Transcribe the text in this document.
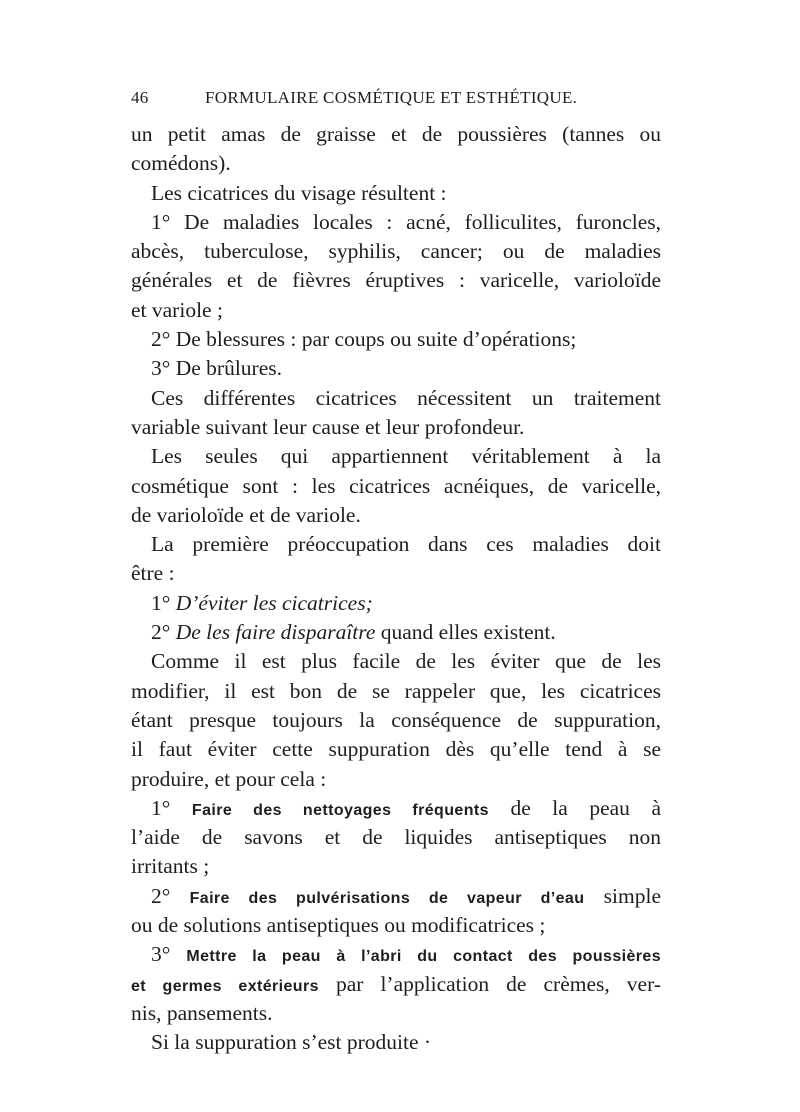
46	FORMULAIRE COSMÉTIQUE ET ESTHÉTIQUE.
un petit amas de graisse et de poussières (tannes ou
comédons).
Les cicatrices du visage résultent :
1° De maladies locales : acné, folliculites, furoncles,
abcès, tuberculose, syphilis, cancer; ou de maladies
générales et de fièvres éruptives : varicelle, varioloïde
et variole ;
2° De blessures : par coups ou suite d’opérations;
3° De brûlures.
Ces différentes cicatrices nécessitent un traitement
variable suivant leur cause et leur profondeur.
Les seules qui appartiennent véritablement à la
cosmétique sont : les cicatrices acnéiques, de varicelle,
de varioloïde et de variole.
La première préoccupation dans ces maladies doit
être :
1° D’éviter les cicatrices;
2° De les faire disparaître quand elles existent.
Comme il est plus facile de les éviter que de les
modifier, il est bon de se rappeler que, les cicatrices
étant presque toujours la conséquence de suppuration,
il faut éviter cette suppuration dès qu’elle tend à se
produire, et pour cela :
1° Faire des nettoyages fréquents de la peau à
l’aide de savons et de liquides antiseptiques non
irritants ;
2° Faire des pulvérisations de vapeur d’eau simple
ou de solutions antiseptiques ou modificatrices ;
3° Mettre la peau à l’abri du contact des poussières
et germes extérieurs par l’application de crèmes, ver-
nis, pansements.
Si la suppuration s’est produite ·
